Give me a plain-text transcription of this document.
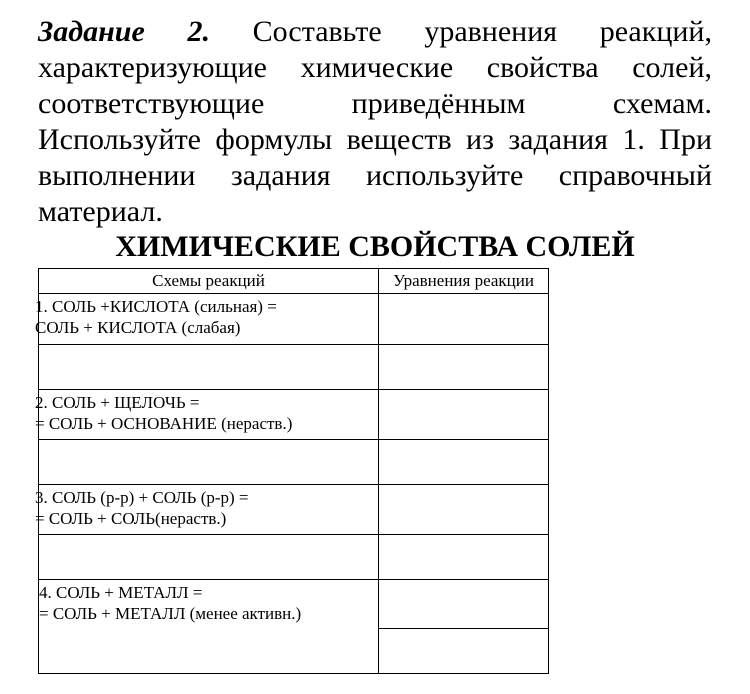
Задание 2. Составьте уравнения реакций, характеризующие химические свойства солей, соответствующие приведённым схемам. Используйте формулы веществ из задания 1. При выполнении задания используйте справочный материал.
ХИМИЧЕСКИЕ СВОЙСТВА СОЛЕЙ
Схемы реакций	Уравнения реакции

1. СОЛЬ +КИСЛОТА (сильная) =
СОЛЬ + КИСЛОТА (слабая)	

2. СОЛЬ + ЩЕЛОЧЬ =
= СОЛЬ + ОСНОВАНИЕ (нераств.)	

3. СОЛЬ (р-р) + СОЛЬ (р-р) =
= СОЛЬ + СОЛЬ(нераств.)	

4. СОЛЬ + МЕТАЛЛ =
= СОЛЬ + МЕТАЛЛ (менее активн.)	
